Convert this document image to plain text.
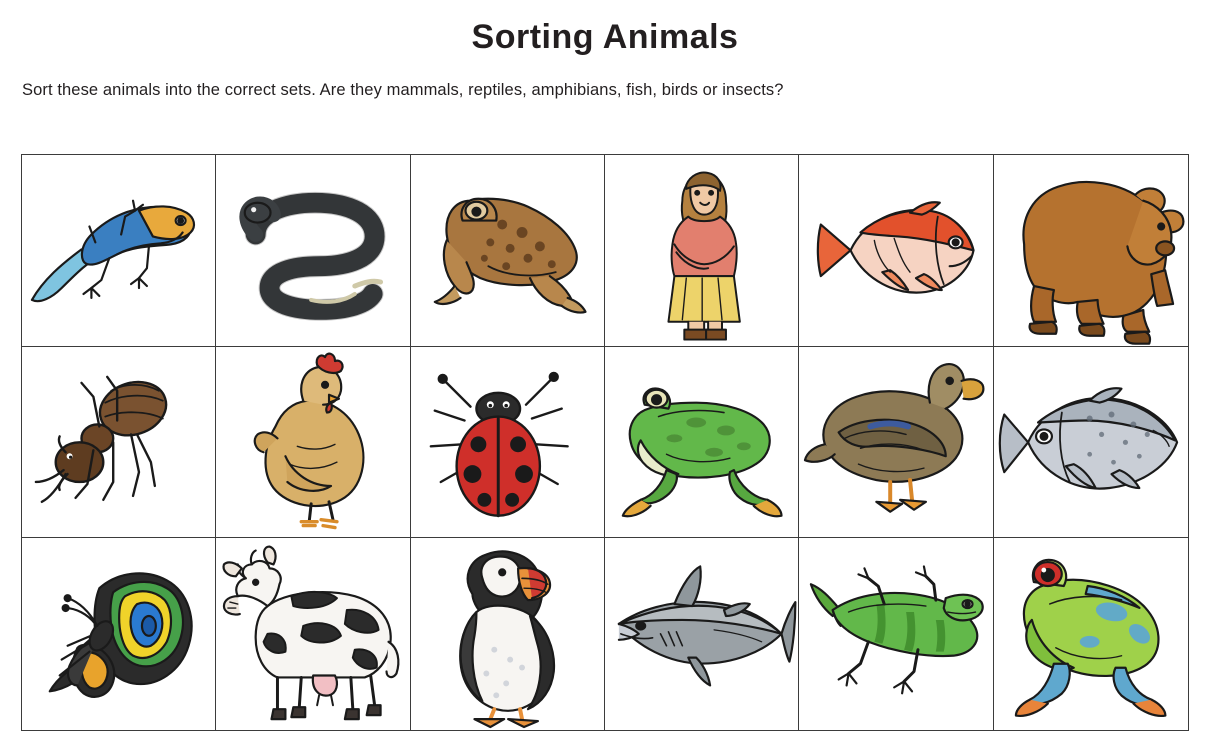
Sorting Animals

Sort these animals into the correct sets. Are they mammals, reptiles, amphibians, fish, birds or insects?
